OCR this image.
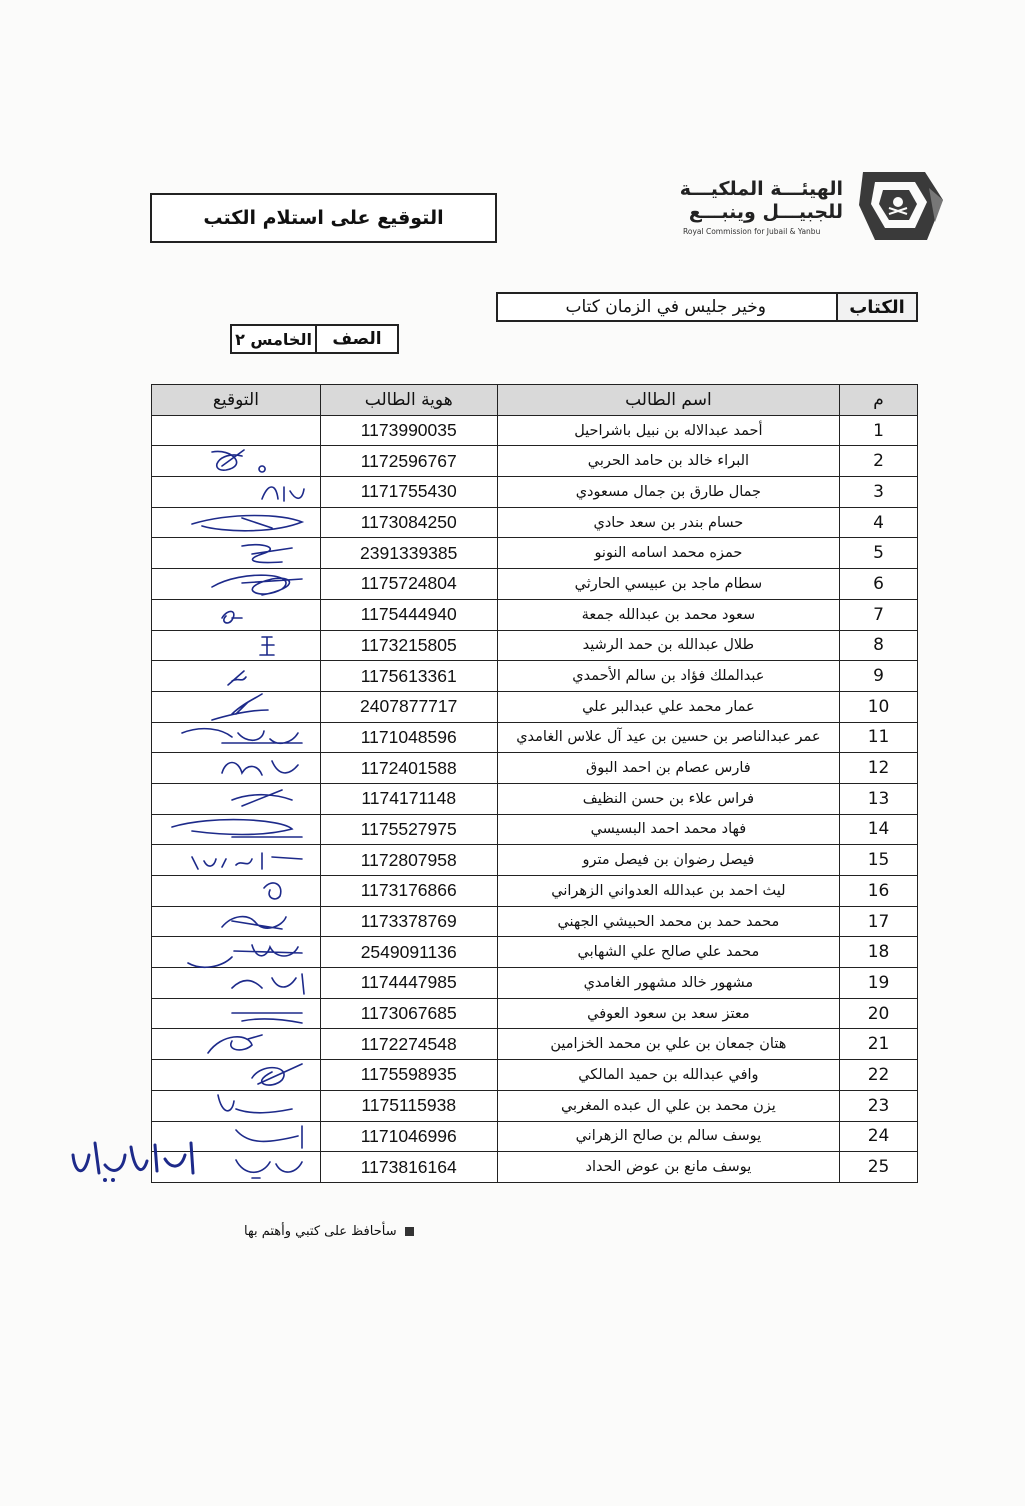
التوقيع على استلام الكتب
الهيئـــة الملكيـــة
للجبيـــل وينبـــع
Royal Commission for Jubail & Yanbu
الكتاب
وخير جليس في الزمان كتاب
الصف
الخامس ٢
م	اسم الطالب	هوية الطالب	التوقيع
1	أحمد عبدالاله بن نبيل باشراحيل	1173990035	
2	البراء خالد بن حامد الحربي	1172596767	

3	جمال طارق بن جمال مسعودي	1171755430	

4	حسام بندر بن سعد حادي	1173084250	

5	حمزه محمد اسامه النونو	2391339385	

6	سطام ماجد بن عبيسي الحارثي	1175724804	

7	سعود محمد بن عبدالله جمعة	1175444940	

8	طلال عبدالله بن حمد الرشيد	1173215805	

9	عبدالملك فؤاد بن سالم الأحمدي	1175613361	

10	عمار محمد علي عبدالبر علي	2407877717	

11	عمر عبدالناصر بن حسين بن عيد آل علاس الغامدي	1171048596	

12	فارس عصام بن احمد البوق	1172401588	

13	فراس علاء بن حسن النظيف	1174171148	

14	فهاد محمد احمد البسيسي	1175527975	

15	فيصل رضوان بن فيصل مترو	1172807958	

16	ليث احمد بن عبدالله العدواني الزهراني	1173176866	

17	محمد حمد بن محمد الحبيشي الجهني	1173378769	

18	محمد علي صالح علي الشهابي	2549091136	

19	مشهور خالد مشهور الغامدي	1174447985	

20	معتز سعد بن سعود العوفي	1173067685	

21	هتان جمعان بن علي بن محمد الخزامين	1172274548	

22	وافي عبدالله بن حميد المالكي	1175598935	

23	يزن محمد بن علي ال عبده المغربي	1175115938	

24	يوسف سالم بن صالح الزهراني	1171046996	

25	يوسف مانع بن عوض الحداد	1173816164	
سأحافظ على كتبي وأهتم بها
